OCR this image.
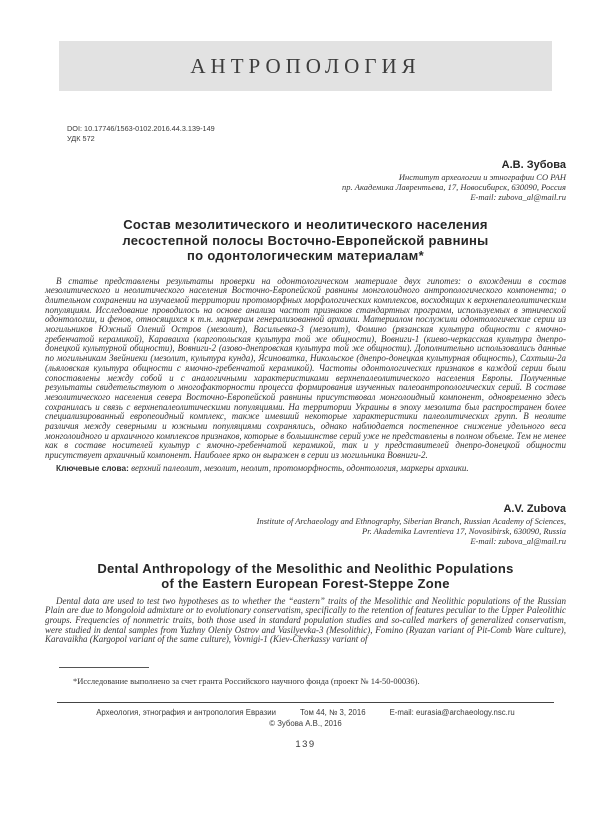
АНТРОПОЛОГИЯ
DOI: 10.17746/1563-0102.2016.44.3.139-149
УДК 572
А.В. Зубова
Институт археологии и этнографии СО РАН
пр. Академика Лаврентьева, 17, Новосибирск, 630090, Россия
E-mail: zubova_al@mail.ru
Состав мезолитического и неолитического населения
лесостепной полосы Восточно-Европейской равнины
по одонтологическим материалам*

В статье представлены результаты проверки на одонтологическом материале двух гипотез: о вхождении в состав мезолитического и неолитического населения Восточно-Европейской равнины монголоидного антропологического компонента; о длительном сохранении на изучаемой территории протоморфных морфологических комплексов, восходящих к верхнепалеолитическим популяциям. Исследование проводилось на основе анализа частот признаков стандартных программ, используемых в этнической одонтологии, и фенов, относящихся к т.н. маркерам генерализованной архаики. Материалом послужили одонтологические серии из могильников Южный Олений Остров (мезолит), Васильевка-3 (мезолит), Фомино (рязанская культура общности с ямочно-гребенчатой керамикой), Караваиха (каргопольская культура той же общности), Вовниги-1 (киево-черкасская культура днепро-донецкой культурной общности), Вовниги-2 (азово-днепровская культура той же общности). Дополнительно использовались данные по могильникам Звейниеки (мезолит, культура кунда), Ясиноватка, Никольское (днепро-донецкая культурная общность), Сахтыш-2а (льяловская культура общности с ямочно-гребенчатой керамикой). Частоты одонтологических признаков в каждой серии были сопоставлены между собой и с аналогичными характеристиками верхнепалеолитического населения Европы. Полученные результаты свидетельствуют о многофакторности процесса формирования изученных палеоантропологических серий. В составе мезолитического населения севера Восточно-Европейской равнины присутствовал монголоидный компонент, одновременно здесь сохранилась и связь с верхнепалеолитическими популяциями. На территории Украины в эпоху мезолита был распространен более специализированный европеоидный комплекс, также имевший некоторые характеристики палеолитических групп. В неолите различия между северными и южными популяциями сохранялись, однако наблюдается постепенное снижение удельного веса монголоидного и архаичного комплексов признаков, которые в большинстве серий уже не представлены в полном объеме. Тем не менее как в составе носителей культур с ямочно-гребенчатой керамикой, так и у представителей днепро-донецкой общности присутствует архаичный компонент. Наиболее ярко он выражен в серии из могильника Вовниги-2.

Ключевые слова: верхний палеолит, мезолит, неолит, протоморфность, одонтология, маркеры архаики.

A.V. Zubova
Institute of Archaeology and Ethnography, Siberian Branch, Russian Academy of Sciences,
Pr. Akademika Lavrentieva 17, Novosibirsk, 630090, Russia
E-mail: zubova_al@mail.ru
Dental Anthropology of the Mesolithic and Neolithic Populations
of the Eastern European Forest-Steppe Zone

Dental data are used to test two hypotheses as to whether the “eastern” traits of the Mesolithic and Neolithic populations of the Russian Plain are due to Mongoloid admixture or to evolutionary conservatism, specifically to the retention of features peculiar to the Upper Paleolithic groups. Frequencies of nonmetric traits, both those used in standard population studies and so-called markers of generalized conservatism, were studied in dental samples from Yuzhny Oleniy Ostrov and Vasilyevka-3 (Mesolithic), Fomino (Ryazan variant of Pit-Comb Ware culture), Karavaikha (Kargopol variant of the same culture), Vovnigi-1 (Kiev-Cherkassy variant of

*Исследование выполнено за счет гранта Российского научного фонда (проект № 14-50-00036).

Археология, этнография и антропология Евразии	Том 44, № 3, 2016	E-mail: eurasia@archaeology.nsc.ru
© Зубова А.В., 2016
139
